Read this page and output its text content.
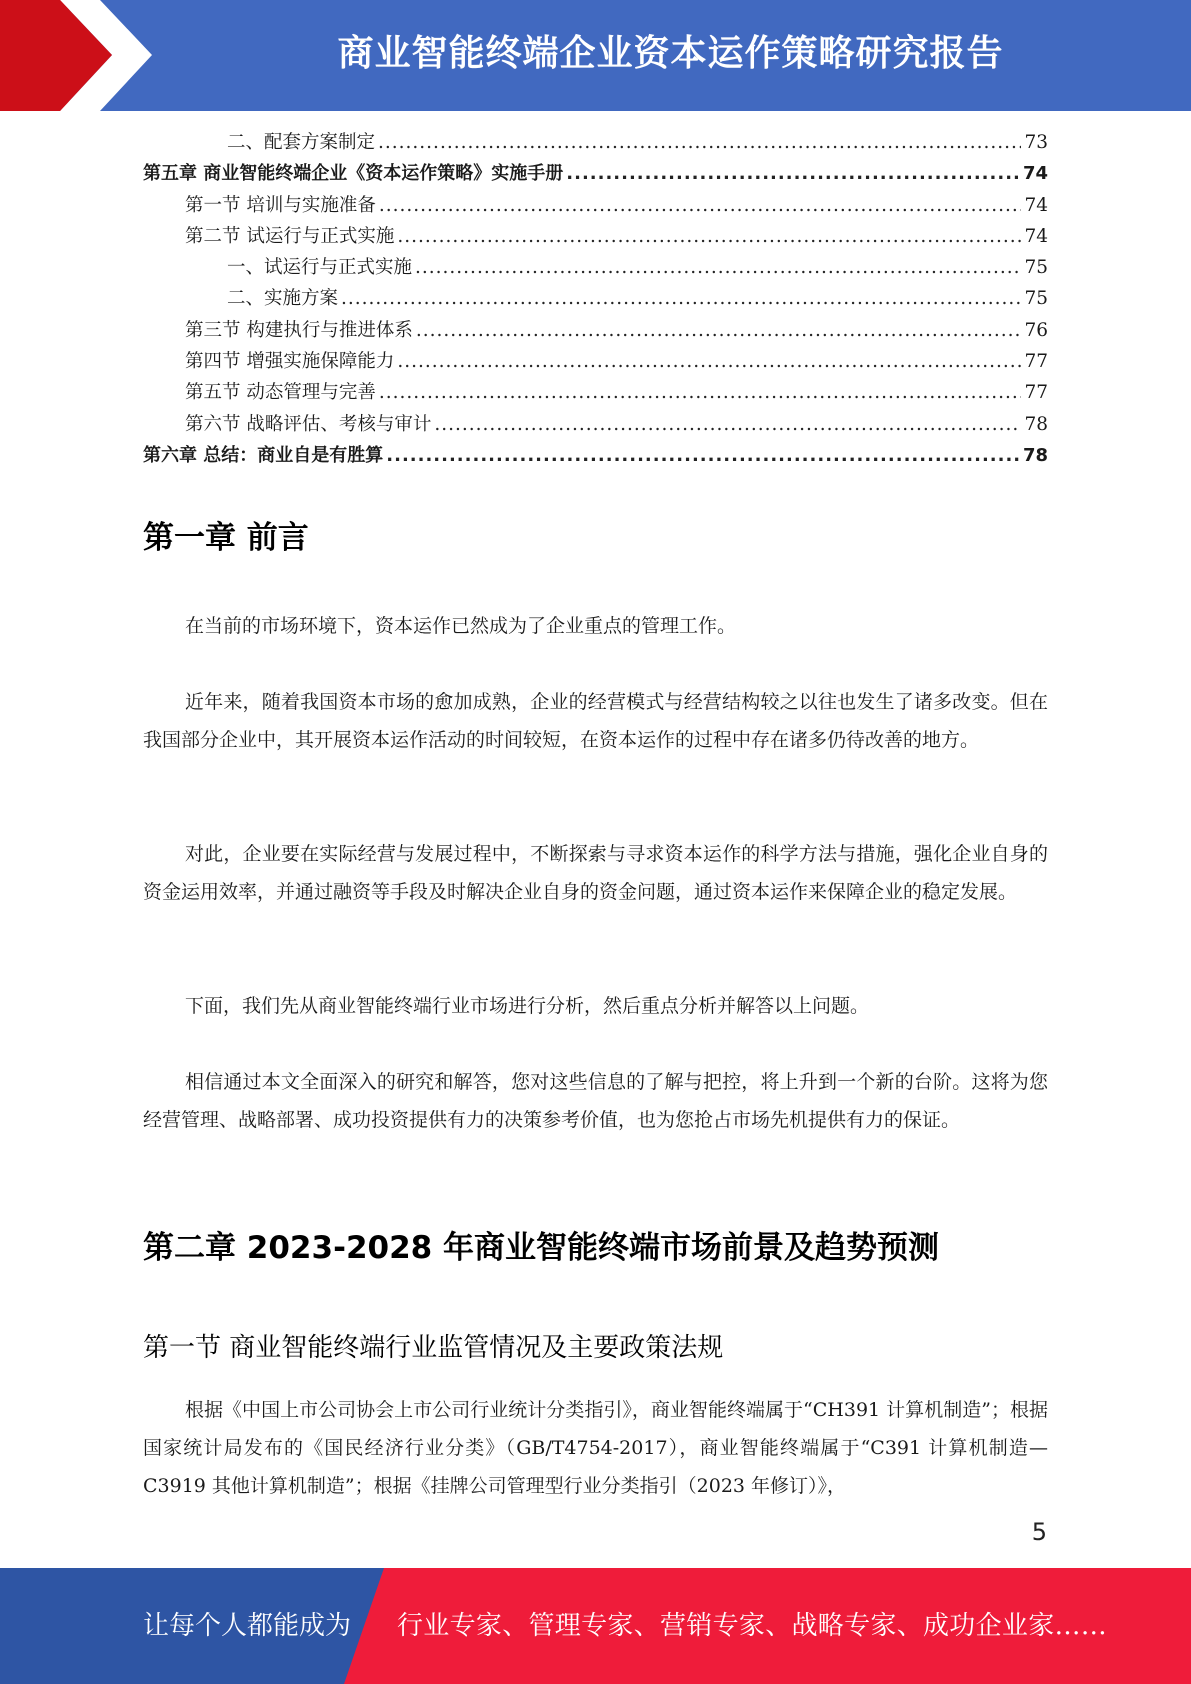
商业智能终端企业资本运作策略研究报告
二、配套方案制定 .....	73
第五章 商业智能终端企业《资本运作策略》实施手册 .....	74
第一节 培训与实施准备 .....	74
第二节 试运行与正式实施 .....	74
一、试运行与正式实施 .....	75
二、实施方案 .....	75
第三节 构建执行与推进体系 .....	76
第四节 增强实施保障能力 .....	77
第五节 动态管理与完善 .....	77
第六节 战略评估、考核与审计 .....	78
第六章 总结：商业自是有胜算 .....	78
第一章 前言

在当前的市场环境下，资本运作已然成为了企业重点的管理工作。

近年来，随着我国资本市场的愈加成熟，企业的经营模式与经营结构较之以往也发生了诸多改变。但在我国部分企业中，其开展资本运作活动的时间较短，在资本运作的过程中存在诸多仍待改善的地方。

对此，企业要在实际经营与发展过程中，不断探索与寻求资本运作的科学方法与措施，强化企业自身的资金运用效率，并通过融资等手段及时解决企业自身的资金问题，通过资本运作来保障企业的稳定发展。

下面，我们先从商业智能终端行业市场进行分析，然后重点分析并解答以上问题。

相信通过本文全面深入的研究和解答，您对这些信息的了解与把控，将上升到一个新的台阶。这将为您经营管理、战略部署、成功投资提供有力的决策参考价值，也为您抢占市场先机提供有力的保证。

第二章 2023-2028 年商业智能终端市场前景及趋势预测
第一节 商业智能终端行业监管情况及主要政策法规

根据《中国上市公司协会上市公司行业统计分类指引》，商业智能终端属于“CH391 计算机制造”；根据国家统计局发布的《国民经济行业分类》（GB/T4754-2017），商业智能终端属于“C391 计算机制造—C3919 其他计算机制造”；根据《挂牌公司管理型行业分类指引（2023 年修订）》，

5
让每个人都能成为 行业专家、管理专家、营销专家、战略专家、成功企业家……
